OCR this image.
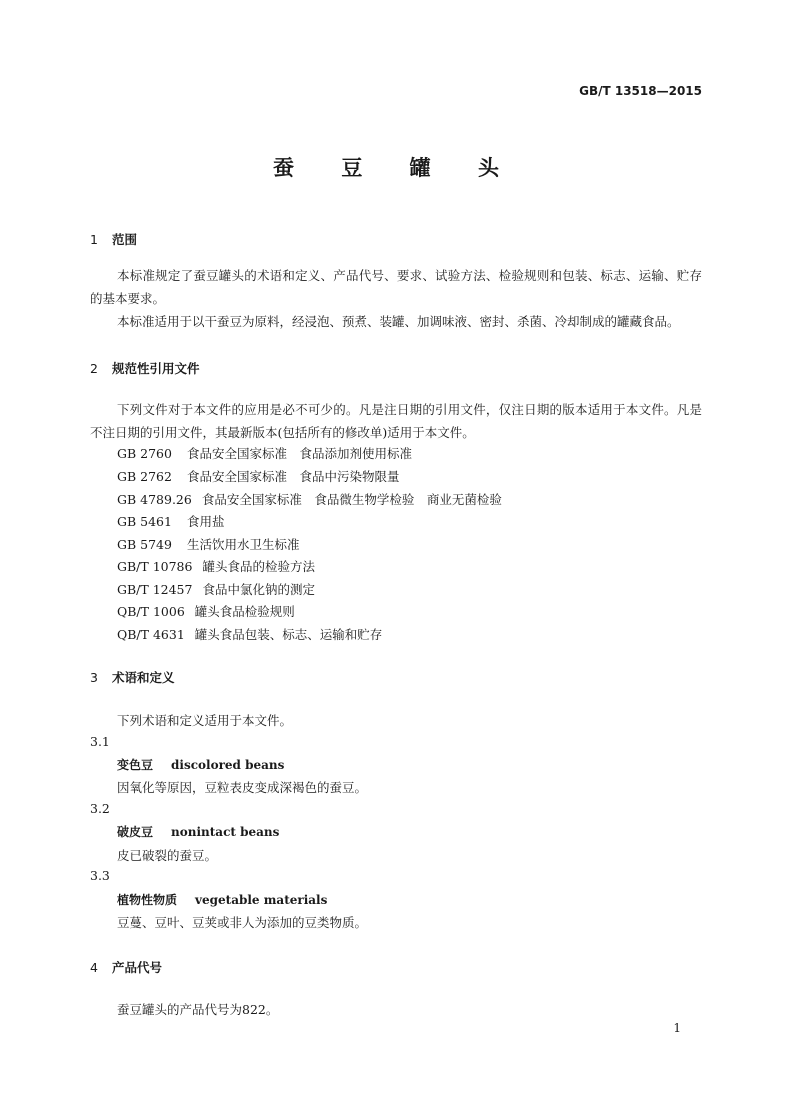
GB/T 13518—2015
蚕 豆 罐 头
1 范围
本标准规定了蚕豆罐头的术语和定义、产品代号、要求、试验方法、检验规则和包装、标志、运输、贮存的基本要求。
本标准适用于以干蚕豆为原料，经浸泡、预煮、装罐、加调味液、密封、杀菌、冷却制成的罐藏食品。
2 规范性引用文件
下列文件对于本文件的应用是必不可少的。凡是注日期的引用文件，仅注日期的版本适用于本文件。凡是不注日期的引用文件，其最新版本(包括所有的修改单)适用于本文件。
GB 2760 食品安全国家标准　食品添加剂使用标准
GB 2762 食品安全国家标准　食品中污染物限量
GB 4789.26 食品安全国家标准　食品微生物学检验　商业无菌检验
GB 5461 食用盐
GB 5749 生活饮用水卫生标准
GB/T 10786 罐头食品的检验方法
GB/T 12457 食品中氯化钠的测定
QB/T 1006 罐头食品检验规则
QB/T 4631 罐头食品包装、标志、运输和贮存
3 术语和定义
下列术语和定义适用于本文件。
3.1
变色豆 discolored beans
因氧化等原因，豆粒表皮变成深褐色的蚕豆。
3.2
破皮豆 nonintact beans
皮已破裂的蚕豆。
3.3
植物性物质 vegetable materials
豆蔓、豆叶、豆荚或非人为添加的豆类物质。
4 产品代号
蚕豆罐头的产品代号为822。
1
